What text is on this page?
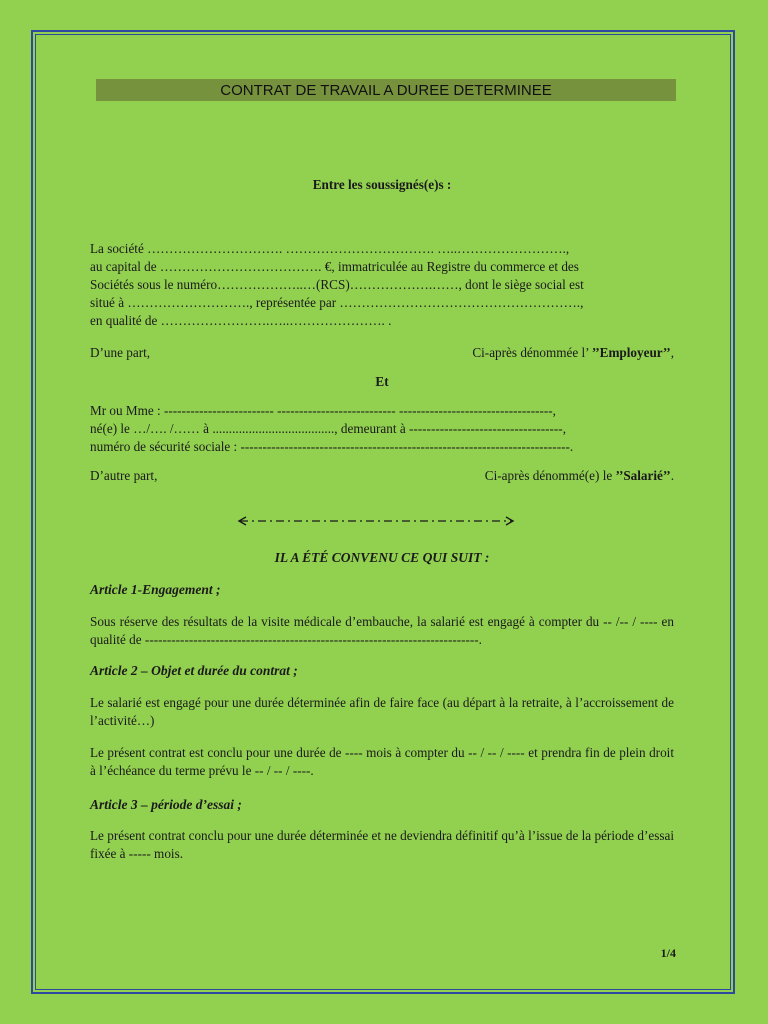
CONTRAT DE TRAVAIL A DUREE DETERMINEE
Entre les soussignés(e)s :
La société …………………………. ……………………………. …..…………………….,
au capital de ………………………………. €, immatriculée au Registre du commerce et des
Sociétés sous le numéro………………..…(RCS)……………….……, dont le siège social est
situé à ………………………., représentée par ……………………………………………….,
en qualité de …………………….…..…………………. .
D’une part,	Ci-après dénommée l’ ’’Employeur’’,
Et
Mr ou Mme : ------------------------- --------------------------- -----------------------------------,
né(e) le …/…. /…… à ....................................., demeurant à -----------------------------------,
numéro de sécurité sociale : ---------------------------------------------------------------------------.
D’autre part,	Ci-après dénommé(e) le ’’Salarié’’.
IL A ÉTÉ CONVENU CE QUI SUIT :
Article 1-Engagement ;
Sous réserve des résultats de la visite médicale d’embauche, la salarié est engagé à compter du -- /-- / ---- en qualité de ----------------------------------------------------------------------------.
Article 2 – Objet et durée du contrat ;
Le salarié est engagé pour une durée déterminée afin de faire face (au départ à la retraite, à l’accroissement de l’activité…)
Le présent contrat est conclu pour une durée de ---- mois à compter du -- / -- / ---- et prendra fin de plein droit à l’échéance du terme prévu le -- / -- / ----.
Article 3 – période d’essai ;
Le présent contrat conclu pour une durée déterminée et ne deviendra définitif qu’à l’issue de la période d’essai fixée à ----- mois.
1/4
